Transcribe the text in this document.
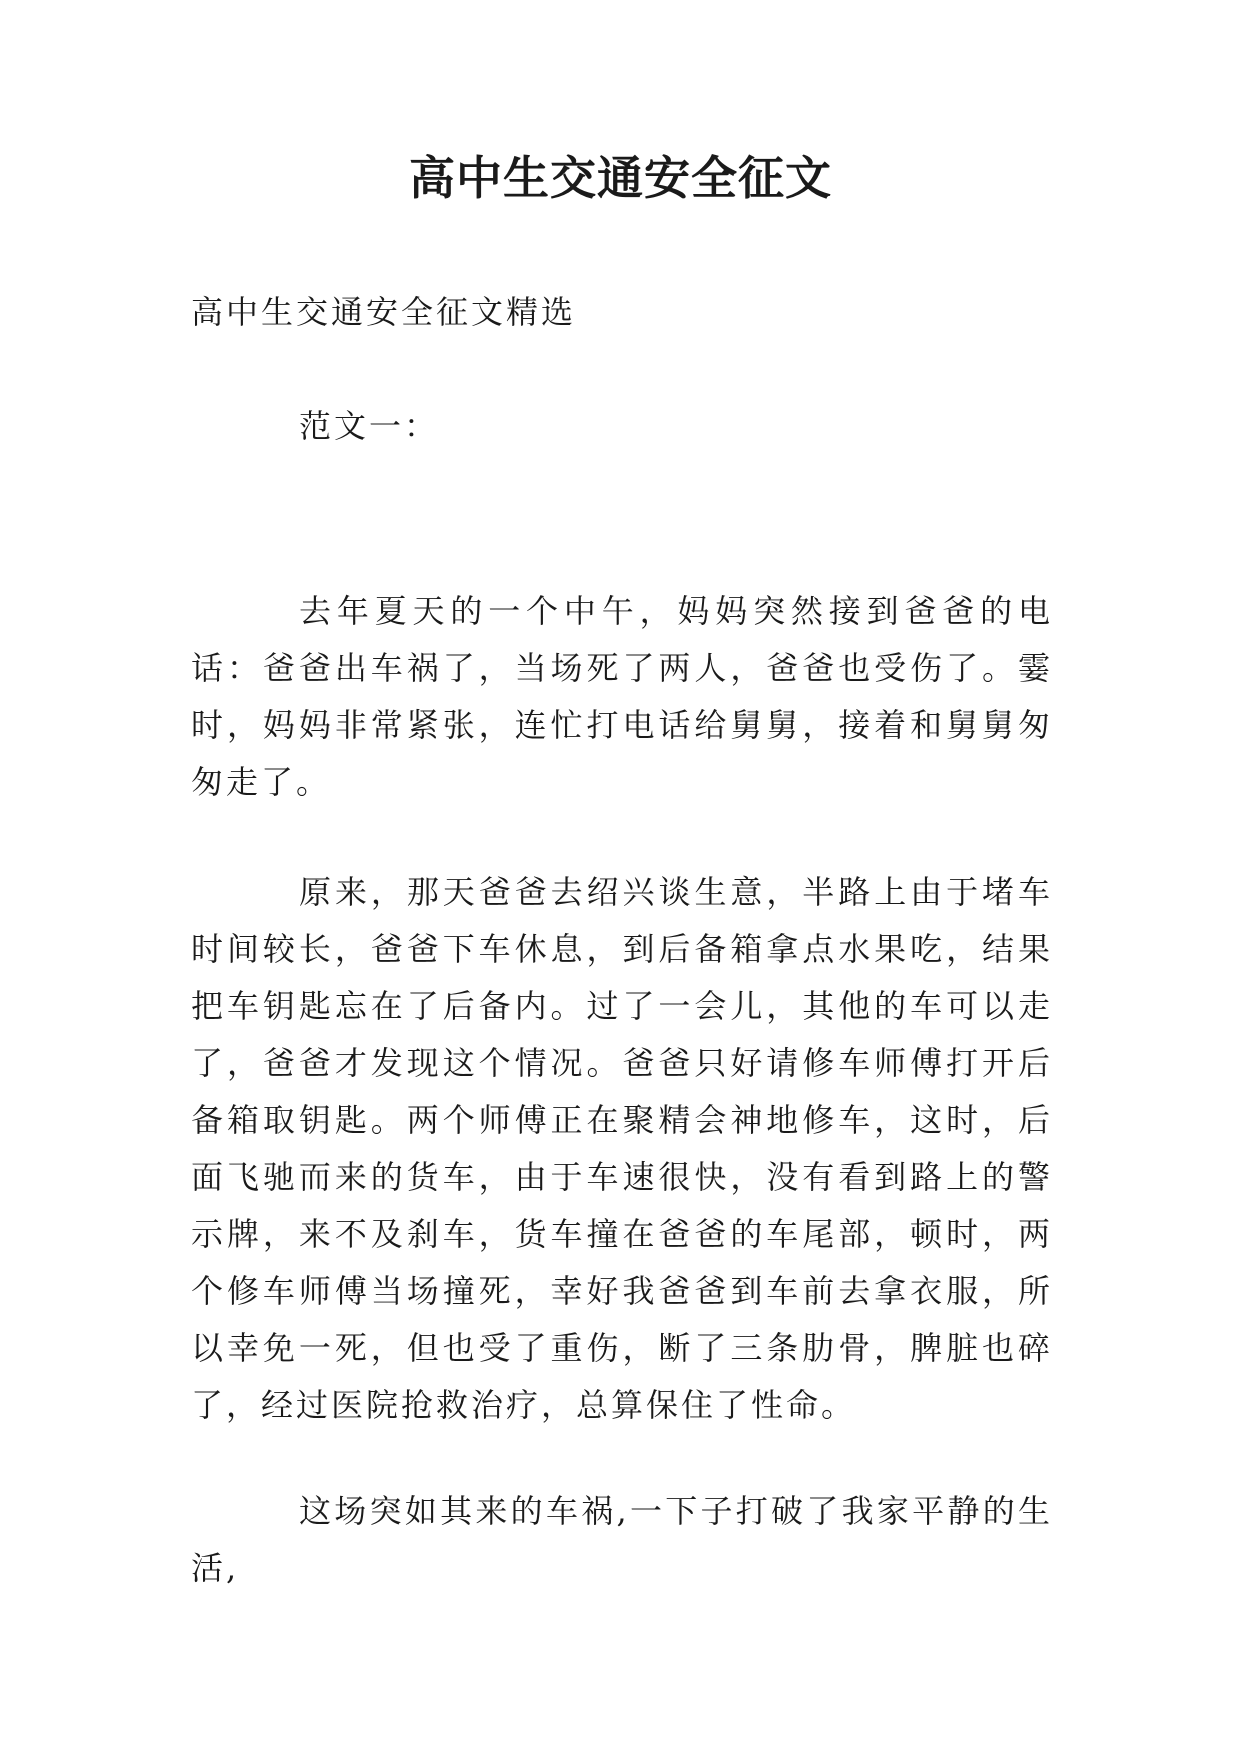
高中生交通安全征文

高中生交通安全征文精选

范文一：

去年夏天的一个中午，妈妈突然接到爸爸的电话：爸爸出车祸了，当场死了两人，爸爸也受伤了。霎时，妈妈非常紧张，连忙打电话给舅舅，接着和舅舅匆匆走了。

原来，那天爸爸去绍兴谈生意，半路上由于堵车时间较长，爸爸下车休息，到后备箱拿点水果吃，结果把车钥匙忘在了后备内。过了一会儿，其他的车可以走了，爸爸才发现这个情况。爸爸只好请修车师傅打开后备箱取钥匙。两个师傅正在聚精会神地修车，这时，后面飞驰而来的货车，由于车速很快，没有看到路上的警示牌，来不及刹车，货车撞在爸爸的车尾部，顿时，两个修车师傅当场撞死，幸好我爸爸到车前去拿衣服，所以幸免一死，但也受了重伤，断了三条肋骨，脾脏也碎了，经过医院抢救治疗，总算保住了性命。

这场突如其来的车祸,一下子打破了我家平静的生活,
